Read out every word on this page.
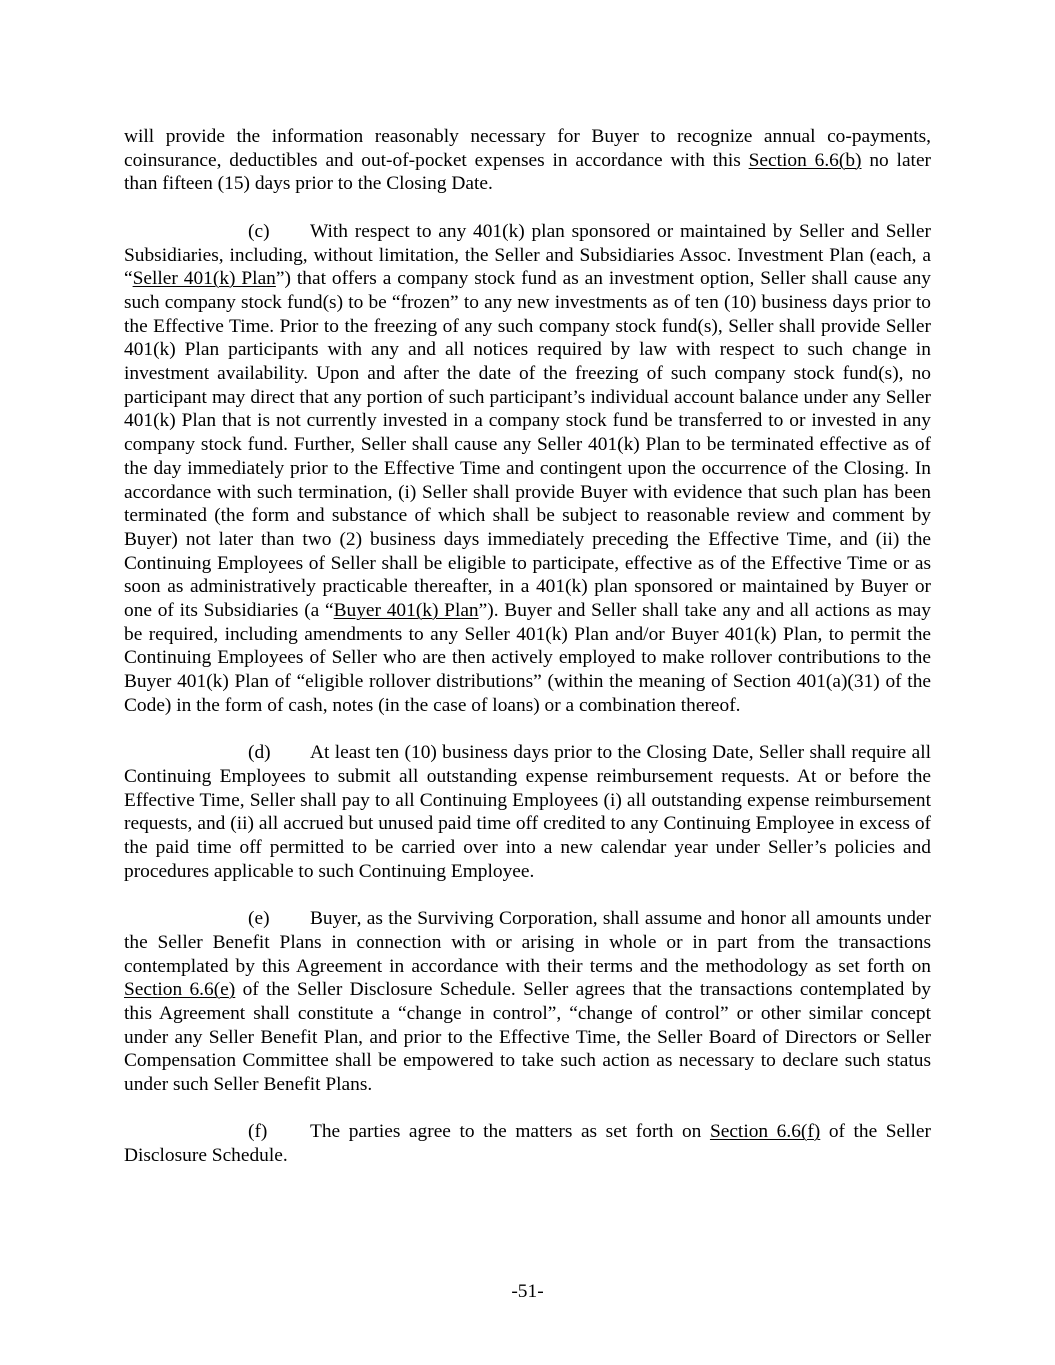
will provide the information reasonably necessary for Buyer to recognize annual co-payments, coinsurance, deductibles and out-of-pocket expenses in accordance with this Section 6.6(b) no later than fifteen (15) days prior to the Closing Date.

(c) With respect to any 401(k) plan sponsored or maintained by Seller and Seller Subsidiaries, including, without limitation, the Seller and Subsidiaries Assoc. Investment Plan (each, a “Seller 401(k) Plan”) that offers a company stock fund as an investment option, Seller shall cause any such company stock fund(s) to be “frozen” to any new investments as of ten (10) business days prior to the Effective Time. Prior to the freezing of any such company stock fund(s), Seller shall provide Seller 401(k) Plan participants with any and all notices required by law with respect to such change in investment availability. Upon and after the date of the freezing of such company stock fund(s), no participant may direct that any portion of such participant’s individual account balance under any Seller 401(k) Plan that is not currently invested in a company stock fund be transferred to or invested in any company stock fund. Further, Seller shall cause any Seller 401(k) Plan to be terminated effective as of the day immediately prior to the Effective Time and contingent upon the occurrence of the Closing. In accordance with such termination, (i) Seller shall provide Buyer with evidence that such plan has been terminated (the form and substance of which shall be subject to reasonable review and comment by Buyer) not later than two (2) business days immediately preceding the Effective Time, and (ii) the Continuing Employees of Seller shall be eligible to participate, effective as of the Effective Time or as soon as administratively practicable thereafter, in a 401(k) plan sponsored or maintained by Buyer or one of its Subsidiaries (a “Buyer 401(k) Plan”). Buyer and Seller shall take any and all actions as may be required, including amendments to any Seller 401(k) Plan and/or Buyer 401(k) Plan, to permit the Continuing Employees of Seller who are then actively employed to make rollover contributions to the Buyer 401(k) Plan of “eligible rollover distributions” (within the meaning of Section 401(a)(31) of the Code) in the form of cash, notes (in the case of loans) or a combination thereof.

(d) At least ten (10) business days prior to the Closing Date, Seller shall require all Continuing Employees to submit all outstanding expense reimbursement requests. At or before the Effective Time, Seller shall pay to all Continuing Employees (i) all outstanding expense reimbursement requests, and (ii) all accrued but unused paid time off credited to any Continuing Employee in excess of the paid time off permitted to be carried over into a new calendar year under Seller’s policies and procedures applicable to such Continuing Employee.

(e) Buyer, as the Surviving Corporation, shall assume and honor all amounts under the Seller Benefit Plans in connection with or arising in whole or in part from the transactions contemplated by this Agreement in accordance with their terms and the methodology as set forth on Section 6.6(e) of the Seller Disclosure Schedule. Seller agrees that the transactions contemplated by this Agreement shall constitute a “change in control”, “change of control” or other similar concept under any Seller Benefit Plan, and prior to the Effective Time, the Seller Board of Directors or Seller Compensation Committee shall be empowered to take such action as necessary to declare such status under such Seller Benefit Plans.

(f) The parties agree to the matters as set forth on Section 6.6(f) of the Seller Disclosure Schedule.

-51-
